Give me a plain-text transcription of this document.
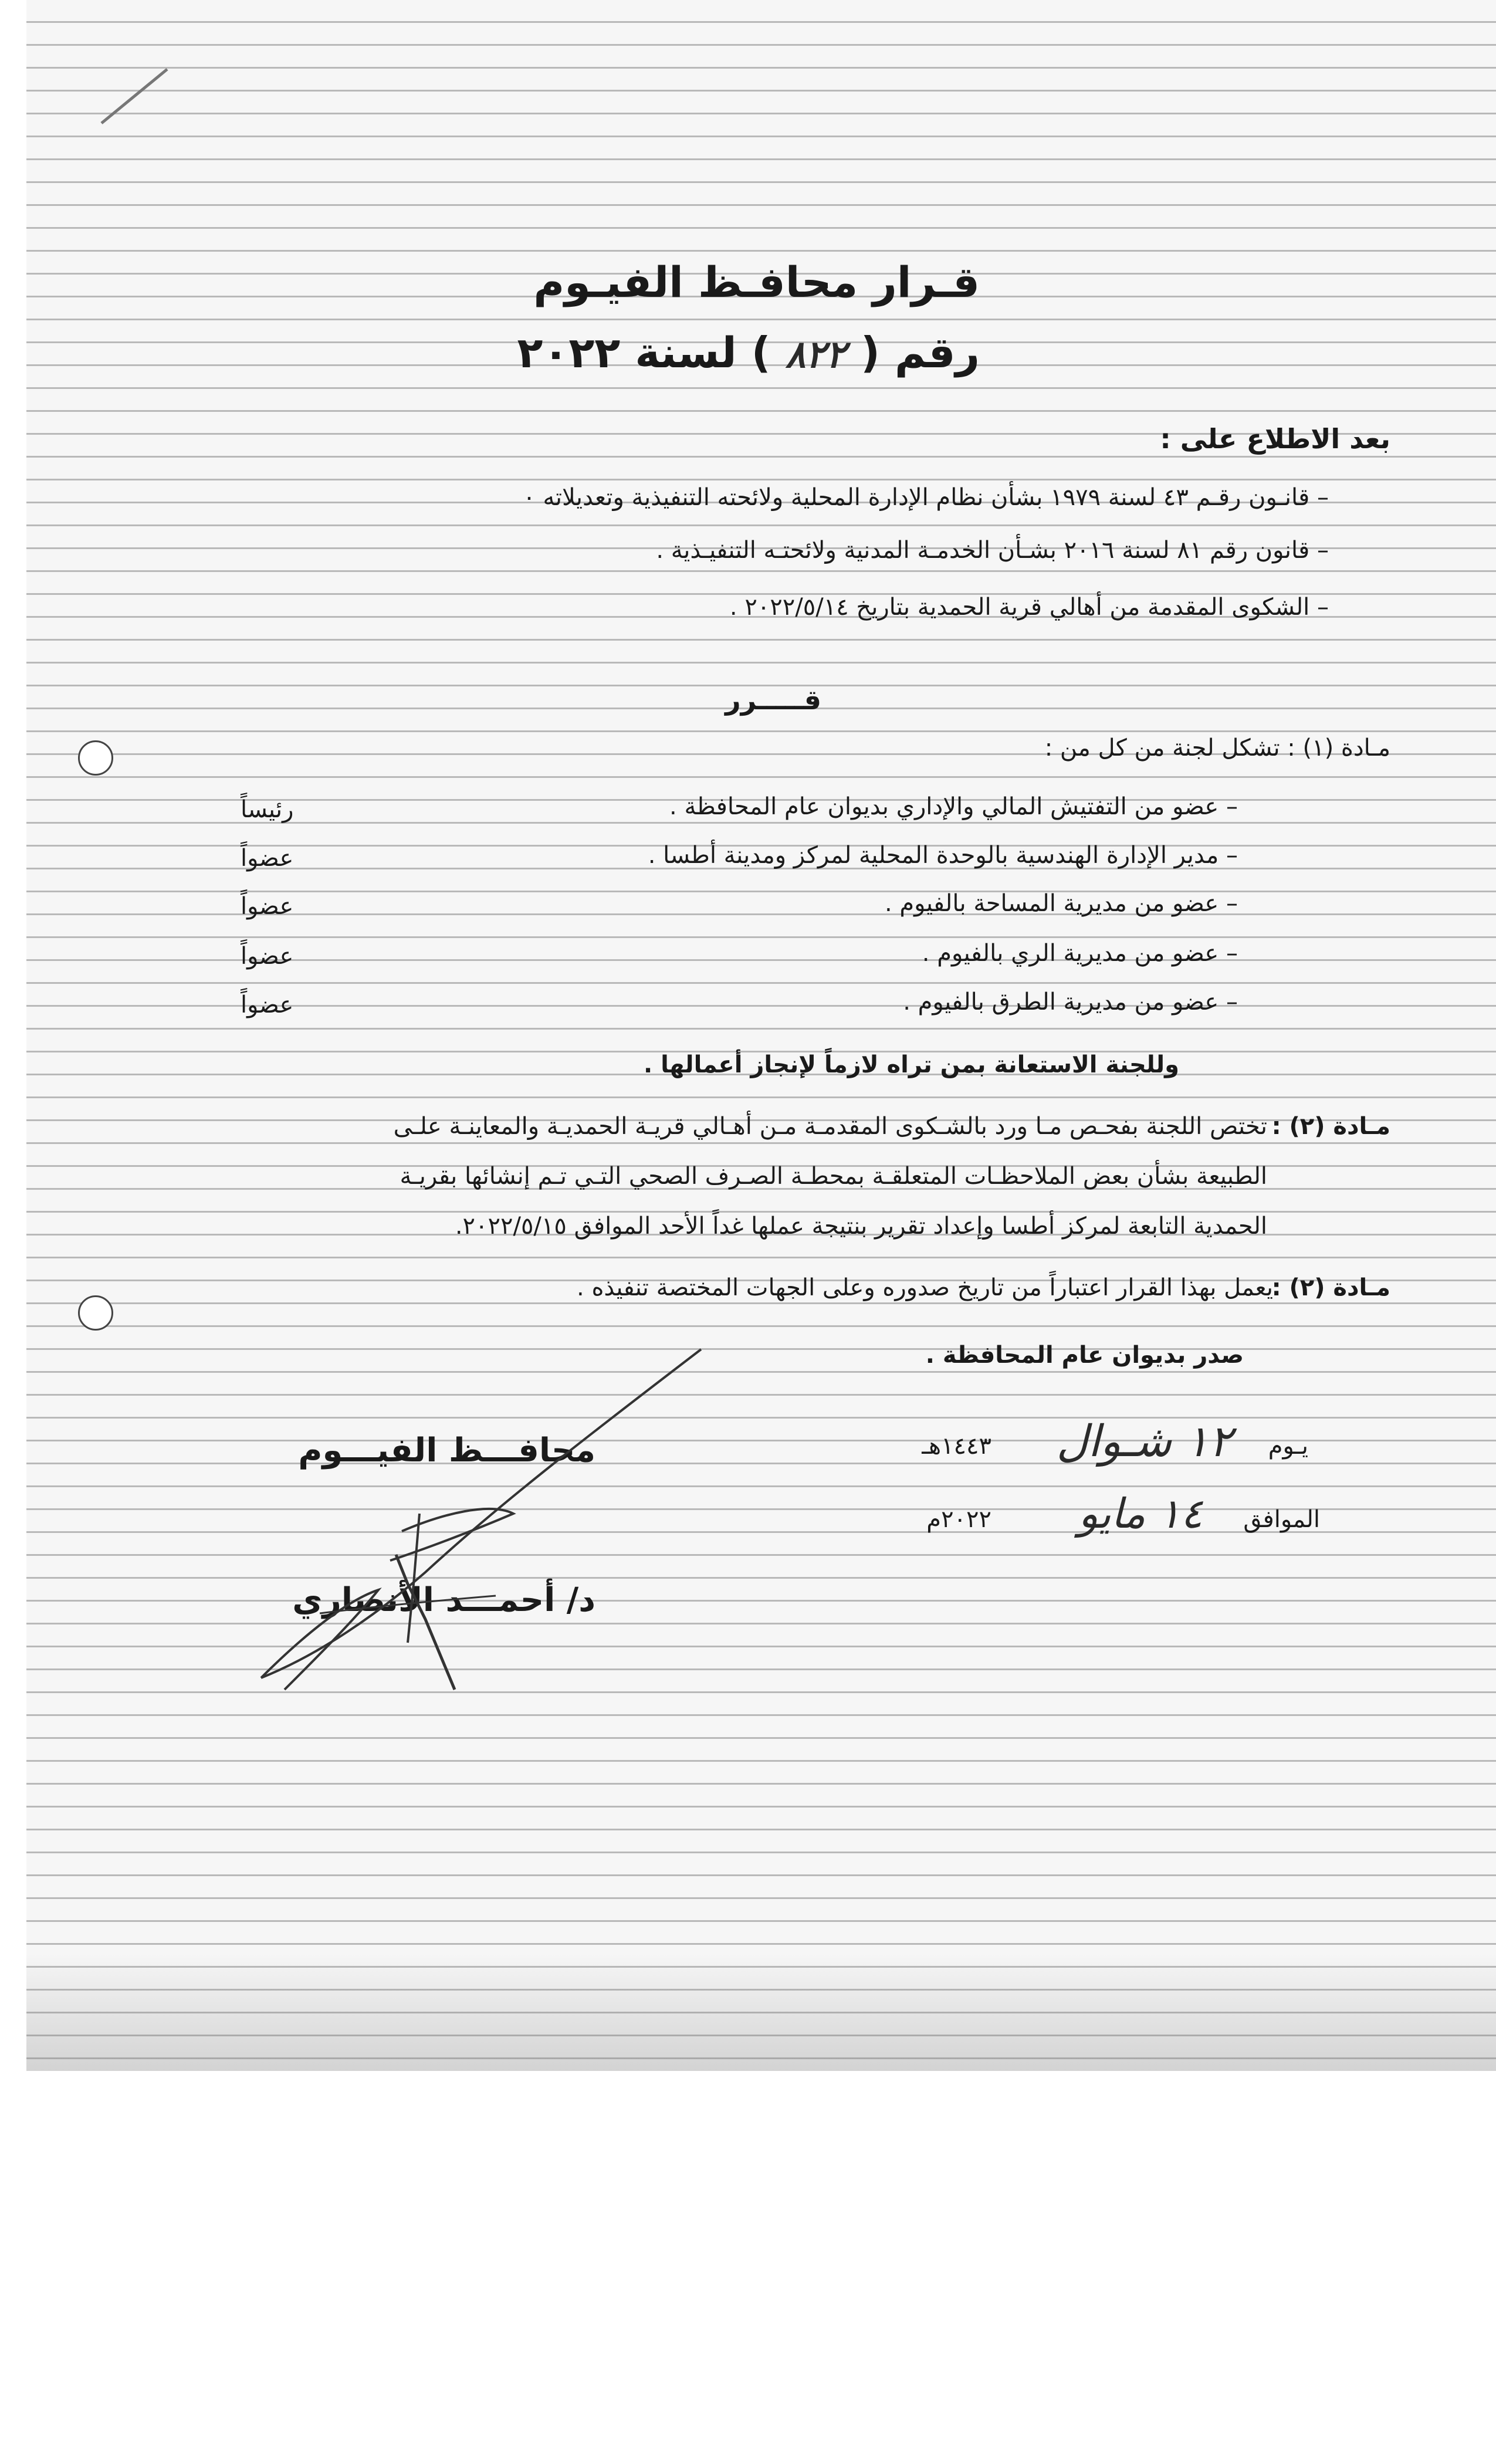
قـرار محافـظ الفيـوم
رقم ( ٨٢٢ ) لسنة ٢٠٢٢
بعد الاطلاع على :
– قانـون رقـم ٤٣ لسنة ١٩٧٩ بشأن نظام الإدارة المحلية ولائحته التنفيذية وتعديلاته ٠
– قانون رقم ٨١ لسنة ٢٠١٦ بشـأن الخدمـة المدنية ولائحتـه التنفيـذية .
– الشكوى المقدمة من أهالي قرية الحمدية بتاريخ ٢٠٢٢/٥/١٤ .
قـــــرر
مـادة (١) : تشكل لجنة من كل من :
– عضو من التفتيش المالي والإداري بديوان عام المحافظة .
رئيساً
– مدير الإدارة الهندسية بالوحدة المحلية لمركز ومدينة أطسا .
عضواً
– عضو من مديرية المساحة بالفيوم .
عضواً
– عضو من مديرية الري بالفيوم .
عضواً
– عضو من مديرية الطرق بالفيوم .
عضواً
وللجنة الاستعانة بمن تراه لازماً لإنجاز أعمالها .
مـادة (٢) :
تختص اللجنة بفحـص مـا ورد بالشـكوى المقدمـة مـن أهـالي قريـة الحمديـة والمعاينـة علـى
الطبيعة بشأن بعض الملاحظـات المتعلقـة بمحطـة الصـرف الصحي التـي تـم إنشائها بقريـة
الحمدية التابعة لمركز أطسا وإعداد تقرير بنتيجة عملها غداً الأحد الموافق ٢٠٢٢/٥/١٥.
مـادة (٢) :
يعمل بهذا القرار اعتباراً من تاريخ صدوره وعلى الجهات المختصة تنفيذه .
صدر بديوان عام المحافظة .
يـوم
١٢ شـوال
١٤٤٣هـ
الموافق
١٤ مايو
٢٠٢٢م
محافـــظ الفيـــوم
د/ أحمـــد الأنصاري
